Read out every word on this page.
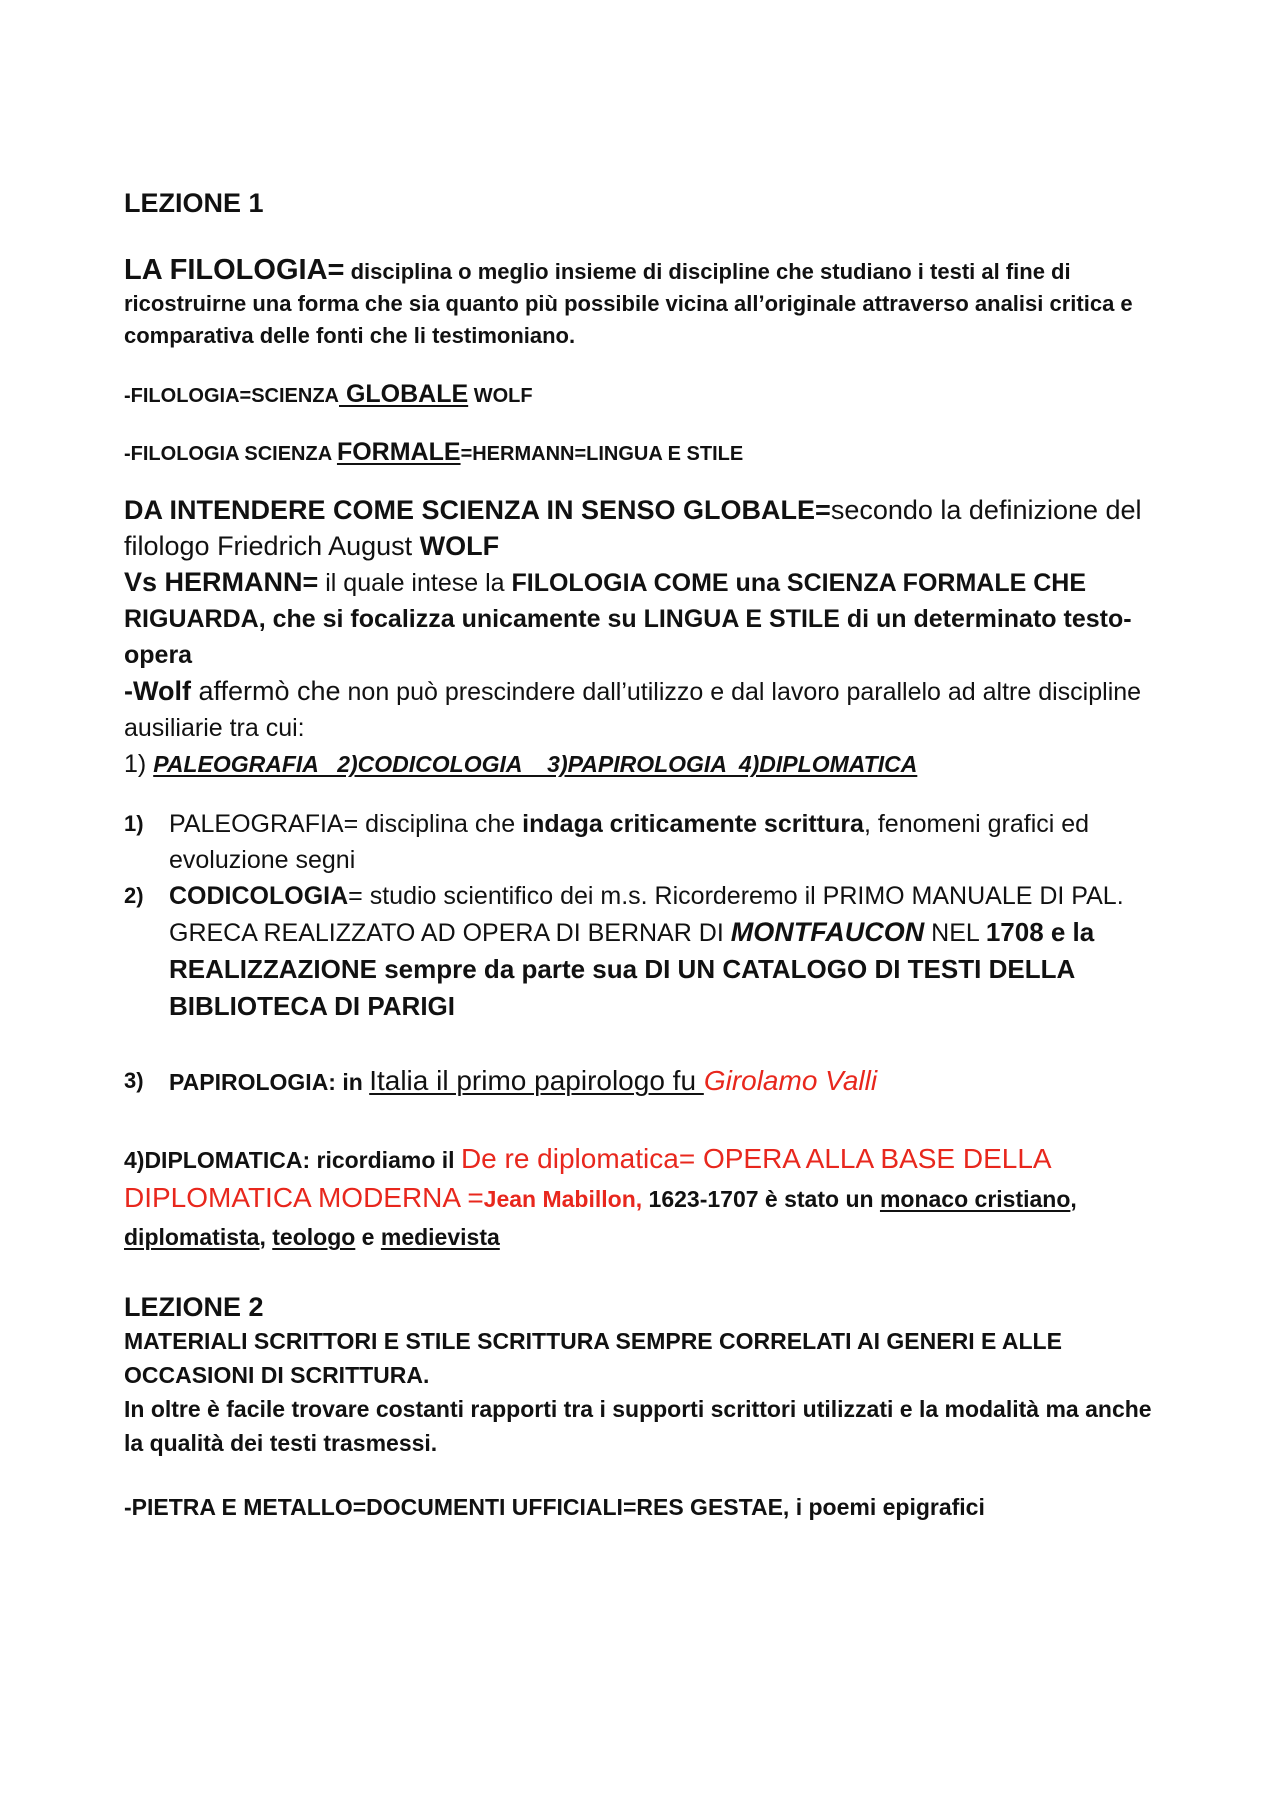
LEZIONE 1

LA FILOLOGIA= disciplina o meglio insieme di discipline che studiano i testi al fine di ricostruirne una forma che sia quanto più possibile vicina all’originale attraverso analisi critica e comparativa delle fonti che li testimoniano.

-FILOLOGIA=SCIENZA GLOBALE WOLF

-FILOLOGIA SCIENZA FORMALE=HERMANN=LINGUA E STILE

DA INTENDERE COME SCIENZA IN SENSO GLOBALE=secondo la definizione del filologo Friedrich August WOLF

Vs HERMANN= il quale intese la FILOLOGIA COME una SCIENZA FORMALE CHE RIGUARDA, che si focalizza unicamente su LINGUA E STILE di un determinato testo-opera

-Wolf affermò che non può prescindere dall’utilizzo e dal lavoro parallelo ad altre discipline ausiliarie tra cui:

1) PALEOGRAFIA   2)CODICOLOGIA    3)PAPIROLOGIA  4)DIPLOMATICA

1) PALEOGRAFIA= disciplina che indaga criticamente scrittura, fenomeni grafici ed evoluzione segni
2) CODICOLOGIA= studio scientifico dei m.s. Ricorderemo il PRIMO MANUALE DI PAL. GRECA REALIZZATO AD OPERA DI BERNAR DI MONTFAUCON NEL 1708 e la REALIZZAZIONE sempre da parte sua DI UN CATALOGO DI TESTI DELLA BIBLIOTECA DI PARIGI

3) PAPIROLOGIA: in Italia il primo papirologo fu Girolamo Valli

4)DIPLOMATICA: ricordiamo il De re diplomatica= OPERA ALLA BASE DELLA DIPLOMATICA MODERNA =Jean Mabillon, 1623-1707 è stato un monaco cristiano, diplomatista, teologo e medievista

LEZIONE 2

MATERIALI SCRITTORI E STILE SCRITTURA SEMPRE CORRELATI AI GENERI E ALLE OCCASIONI DI SCRITTURA.

In oltre è facile trovare costanti rapporti tra i supporti scrittori utilizzati e la modalità ma anche la qualità dei testi trasmessi.

-PIETRA E METALLO=DOCUMENTI UFFICIALI=RES GESTAE, i poemi epigrafici
